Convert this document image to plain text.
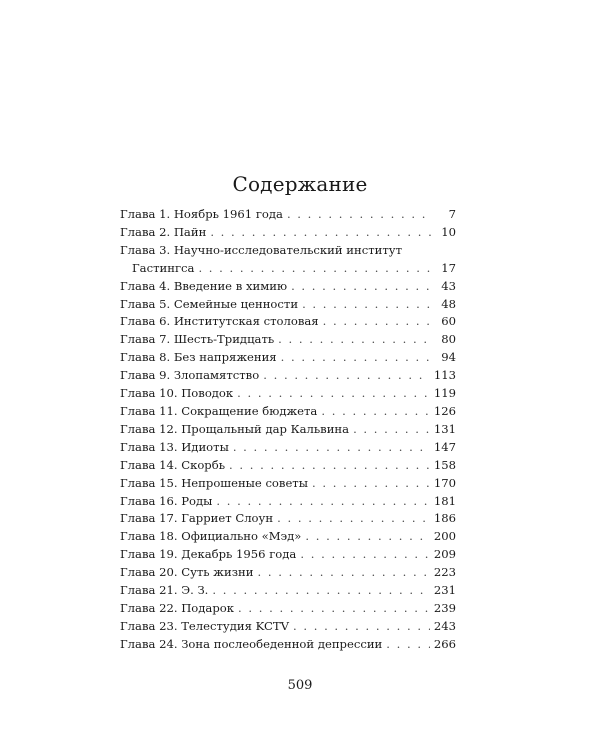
Содержание
Глава 1. Ноябрь 1961 года . . .	7
Глава 2. Пайн . . .	10
Глава 3. Научно-исследовательский институт
Гастингса . . .	17
Глава 4. Введение в химию . . .	43
Глава 5. Семейные ценности . . .	48
Глава 6. Институтская столовая . . .	60
Глава 7. Шесть-Тридцать . . .	80
Глава 8. Без напряжения . . .	94
Глава 9. Злопамятство . . .	113
Глава 10. Поводок . . .	119
Глава 11. Сокращение бюджета . . .	126
Глава 12. Прощальный дар Кальвина . . .	131
Глава 13. Идиоты . . .	147
Глава 14. Скорбь . . .	158
Глава 15. Непрошеные советы . . .	170
Глава 16. Роды . . .	181
Глава 17. Гарриет Слоун . . .	186
Глава 18. Официально «Мэд» . . .	200
Глава 19. Декабрь 1956 года . . .	209
Глава 20. Суть жизни . . .	223
Глава 21. Э. З. . . .	231
Глава 22. Подарок . . .	239
Глава 23. Телестудия KCTV . . .	243
Глава 24. Зона послеобеденной депрессии . . .	266
509
